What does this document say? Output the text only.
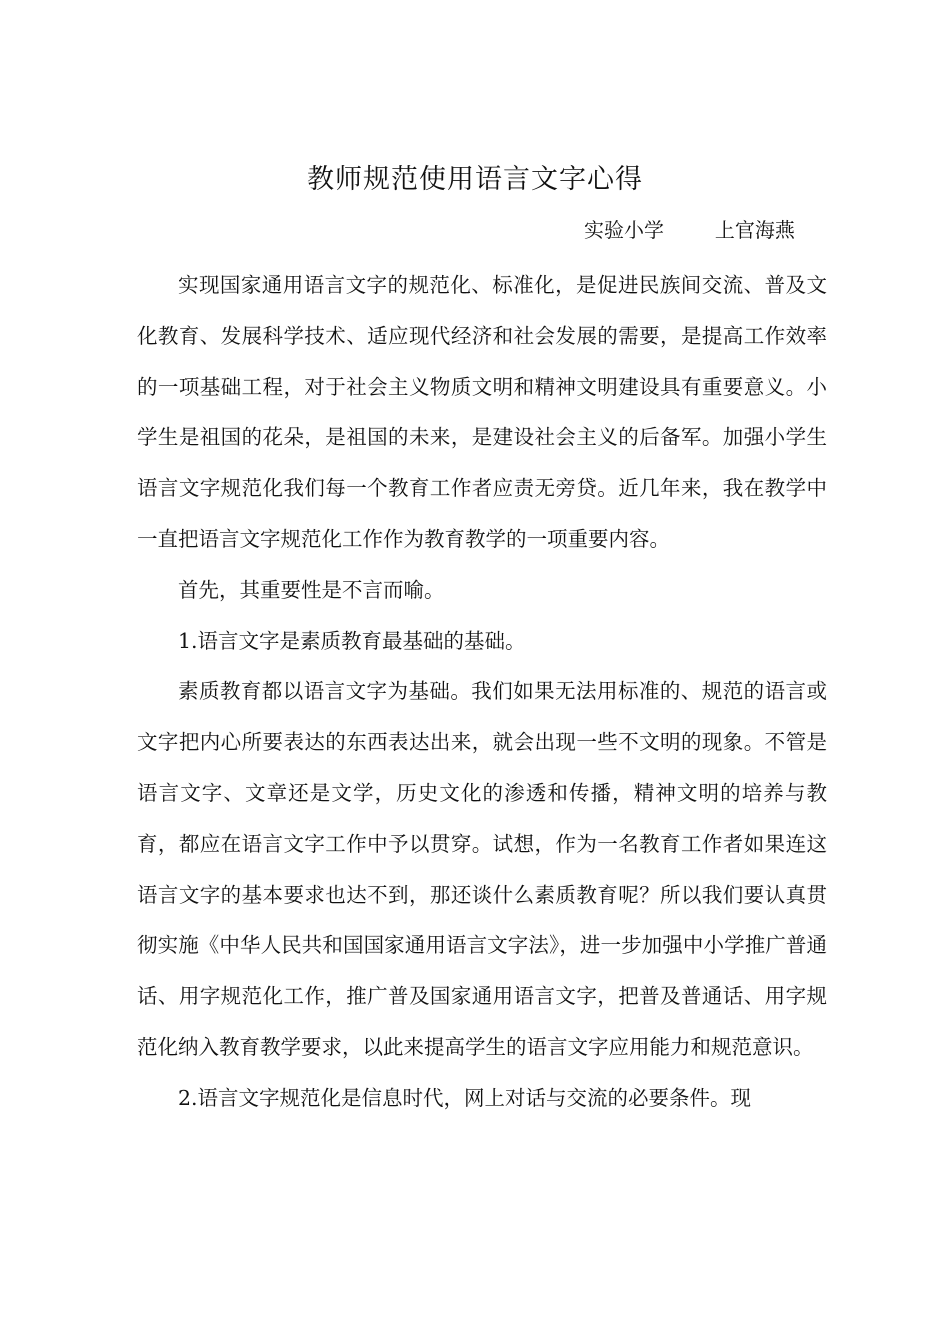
教师规范使用语言文字心得
实验小学        上官海燕

实现国家通用语言文字的规范化、标准化，是促进民族间交流、普及文化教育、发展科学技术、适应现代经济和社会发展的需要，是提高工作效率的一项基础工程，对于社会主义物质文明和精神文明建设具有重要意义。小学生是祖国的花朵，是祖国的未来，是建设社会主义的后备军。加强小学生语言文字规范化我们每一个教育工作者应责无旁贷。近几年来，我在教学中一直把语言文字规范化工作作为教育教学的一项重要内容。

首先，其重要性是不言而喻。

1.语言文字是素质教育最基础的基础。

素质教育都以语言文字为基础。我们如果无法用标准的、规范的语言或文字把内心所要表达的东西表达出来，就会出现一些不文明的现象。不管是语言文字、文章还是文学，历史文化的渗透和传播，精神文明的培养与教育，都应在语言文字工作中予以贯穿。试想，作为一名教育工作者如果连这语言文字的基本要求也达不到，那还谈什么素质教育呢？所以我们要认真贯彻实施《中华人民共和国国家通用语言文字法》，进一步加强中小学推广普通话、用字规范化工作，推广普及国家通用语言文字，把普及普通话、用字规范化纳入教育教学要求，以此来提高学生的语言文字应用能力和规范意识。

2.语言文字规范化是信息时代，网上对话与交流的必要条件。现
